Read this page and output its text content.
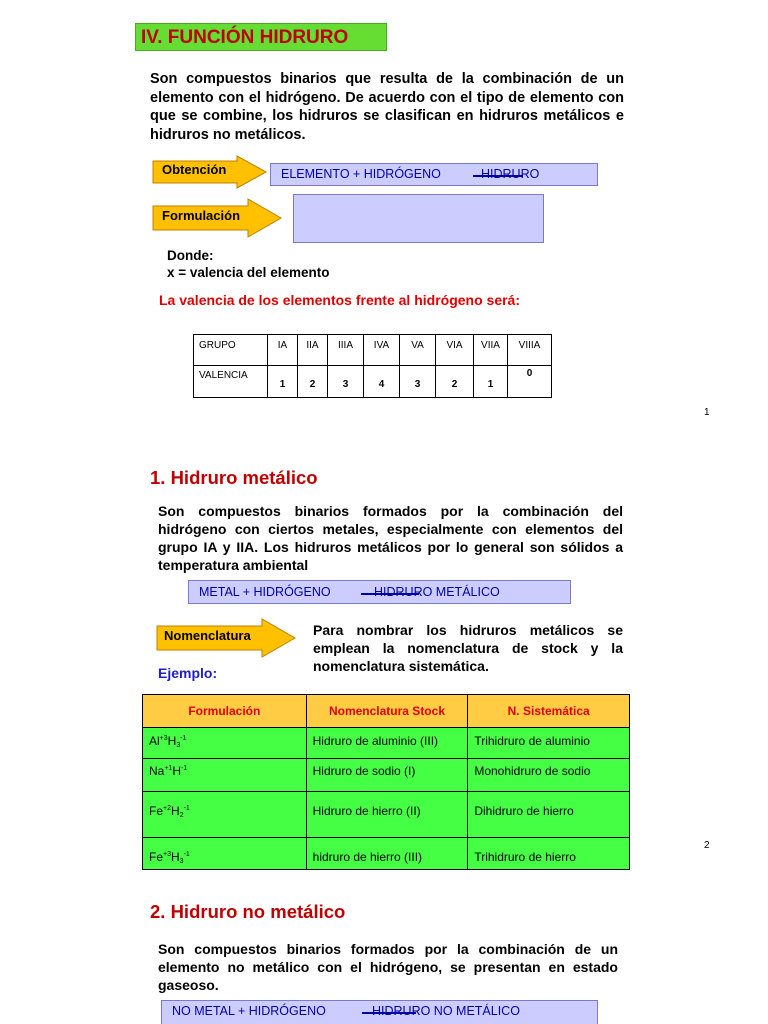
IV. FUNCIÓN HIDRURO
Son compuestos binarios que resulta de la combinación de un elemento con el hidrógeno. De acuerdo con el tipo de elemento con que se combine, los hidruros se clasifican en hidruros metálicos e hidruros no metálicos.
Obtención	ELEMENTO + HIDRÓGENO	HIDRURO
Formulación
Donde:
x = valencia del elemento
La valencia de los elementos frente al hidrógeno será:
GRUPO	IA	IIA	IIIA	IVA	VA	VIA	VIIA	VIIIA
VALENCIA	1	2	3	4	3	2	1	0
1
1. Hidruro metálico
Son compuestos binarios formados por la combinación del hidrógeno con ciertos metales, especialmente con elementos del grupo IA y IIA. Los hidruros metálicos por lo general son sólidos a temperatura ambiental
METAL + HIDRÓGENO	HIDRURO METÁLICO
Nomenclatura	Para nombrar los hidruros metálicos se emplean la nomenclatura de stock y la nomenclatura sistemática.
Ejemplo:
Formulación	Nomenclatura Stock	N. Sistemática
$Al^{+3}H_3^{-1}$	Hidruro de aluminio (III)	Trihidruro de aluminio
$Na^{+1}H^{-1}$	Hidruro de sodio (I)	Monohidruro de sodio
$Fe^{+2}H_2^{-1}$	Hidruro de hierro (II)	Dihidruro de hierro
$Fe^{+3}H_3^{-1}$	hidruro de hierro (III)	Trihidruro de hierro
2
2. Hidruro no metálico
Son compuestos binarios formados por la combinación de un elemento no metálico con el hidrógeno, se presentan en estado gaseoso.
NO METAL + HIDRÓGENO	HIDRURO NO METÁLICO
